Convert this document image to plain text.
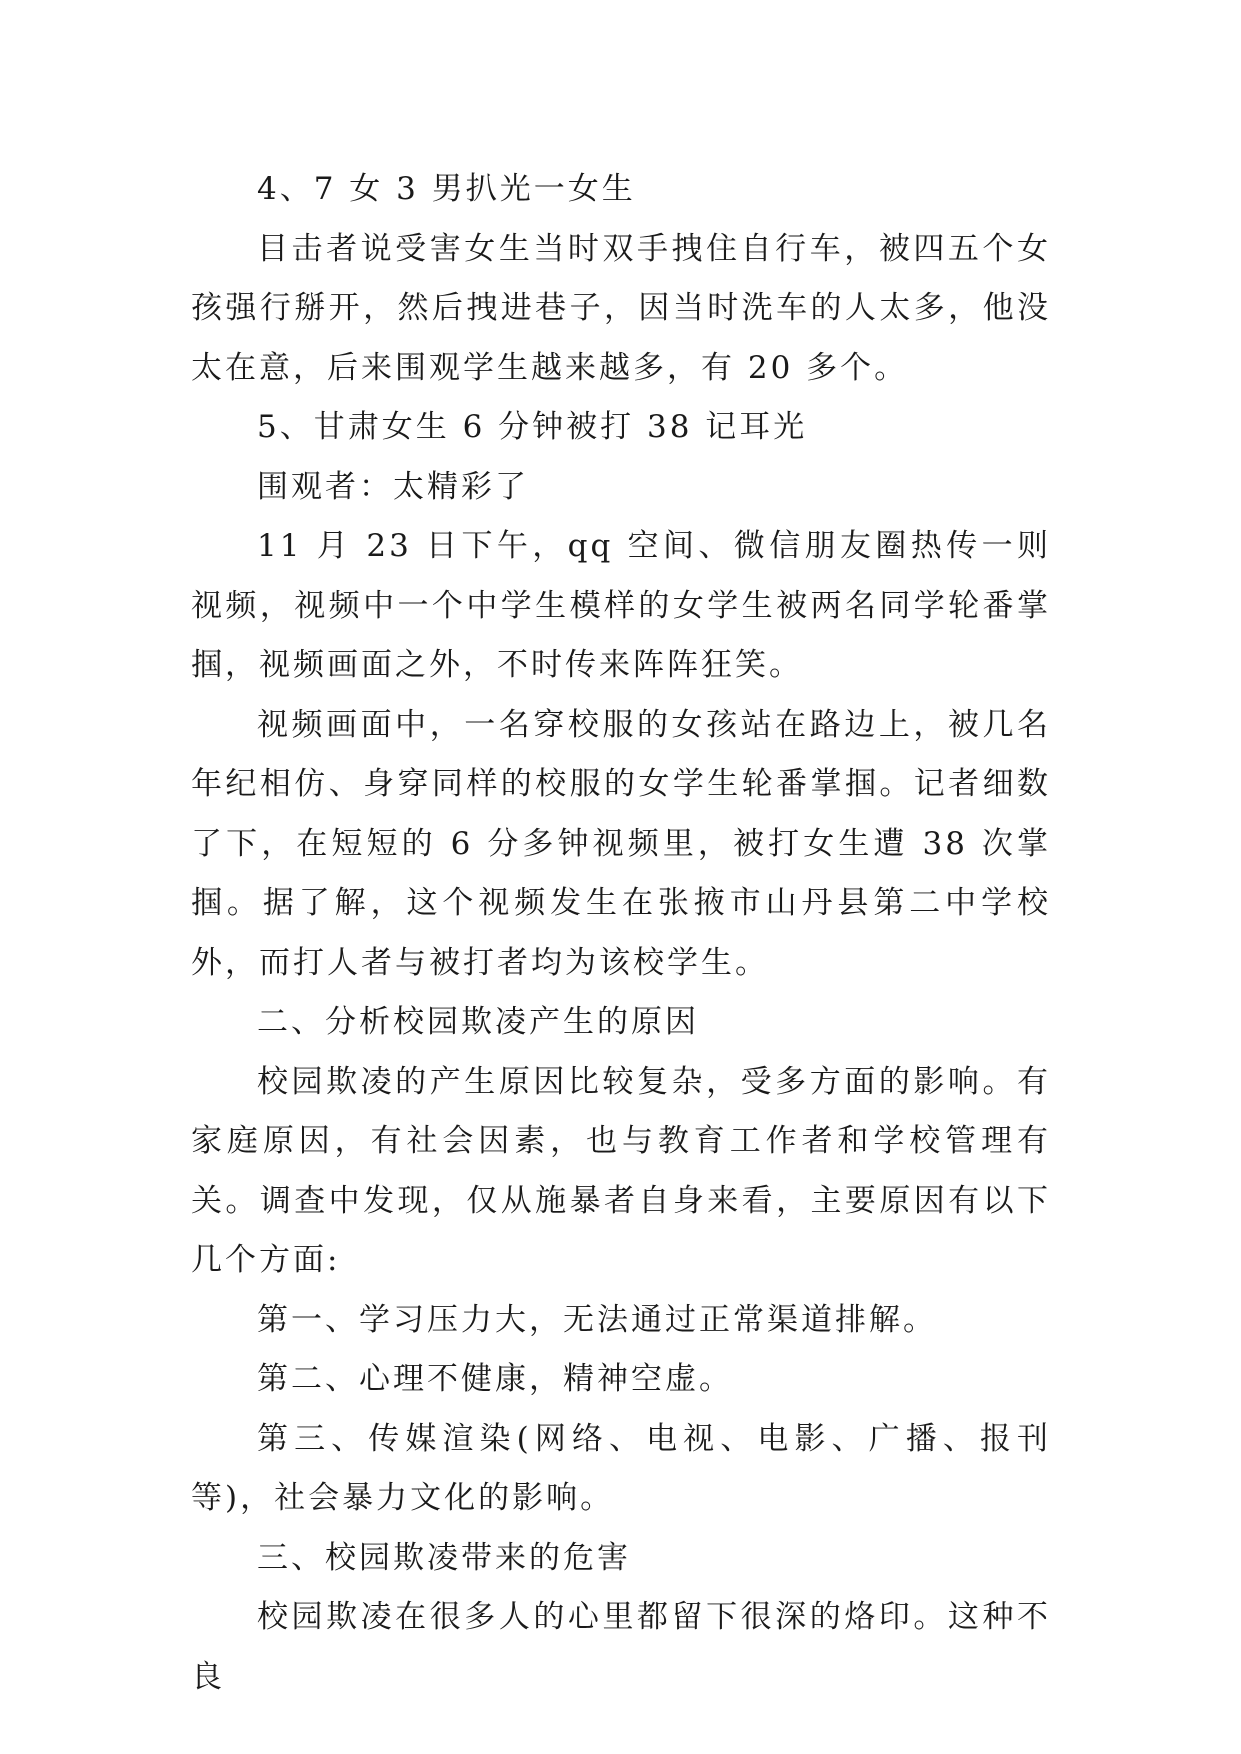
4、7 女 3 男扒光一女生

目击者说受害女生当时双手拽住自行车，被四五个女孩强行掰开，然后拽进巷子，因当时洗车的人太多，他没太在意，后来围观学生越来越多，有 20 多个。

5、甘肃女生 6 分钟被打 38 记耳光

围观者：太精彩了

11 月 23 日下午，qq 空间、微信朋友圈热传一则视频，视频中一个中学生模样的女学生被两名同学轮番掌掴，视频画面之外，不时传来阵阵狂笑。

视频画面中，一名穿校服的女孩站在路边上，被几名年纪相仿、身穿同样的校服的女学生轮番掌掴。记者细数了下，在短短的 6 分多钟视频里，被打女生遭 38 次掌掴。据了解，这个视频发生在张掖市山丹县第二中学校外，而打人者与被打者均为该校学生。

二、分析校园欺凌产生的原因

校园欺凌的产生原因比较复杂，受多方面的影响。有家庭原因，有社会因素，也与教育工作者和学校管理有关。调查中发现，仅从施暴者自身来看，主要原因有以下几个方面:

第一、学习压力大，无法通过正常渠道排解。

第二、心理不健康，精神空虚。

第三、传媒渲染(网络、电视、电影、广播、报刊等)，社会暴力文化的影响。

三、校园欺凌带来的危害

校园欺凌在很多人的心里都留下很深的烙印。这种不良
